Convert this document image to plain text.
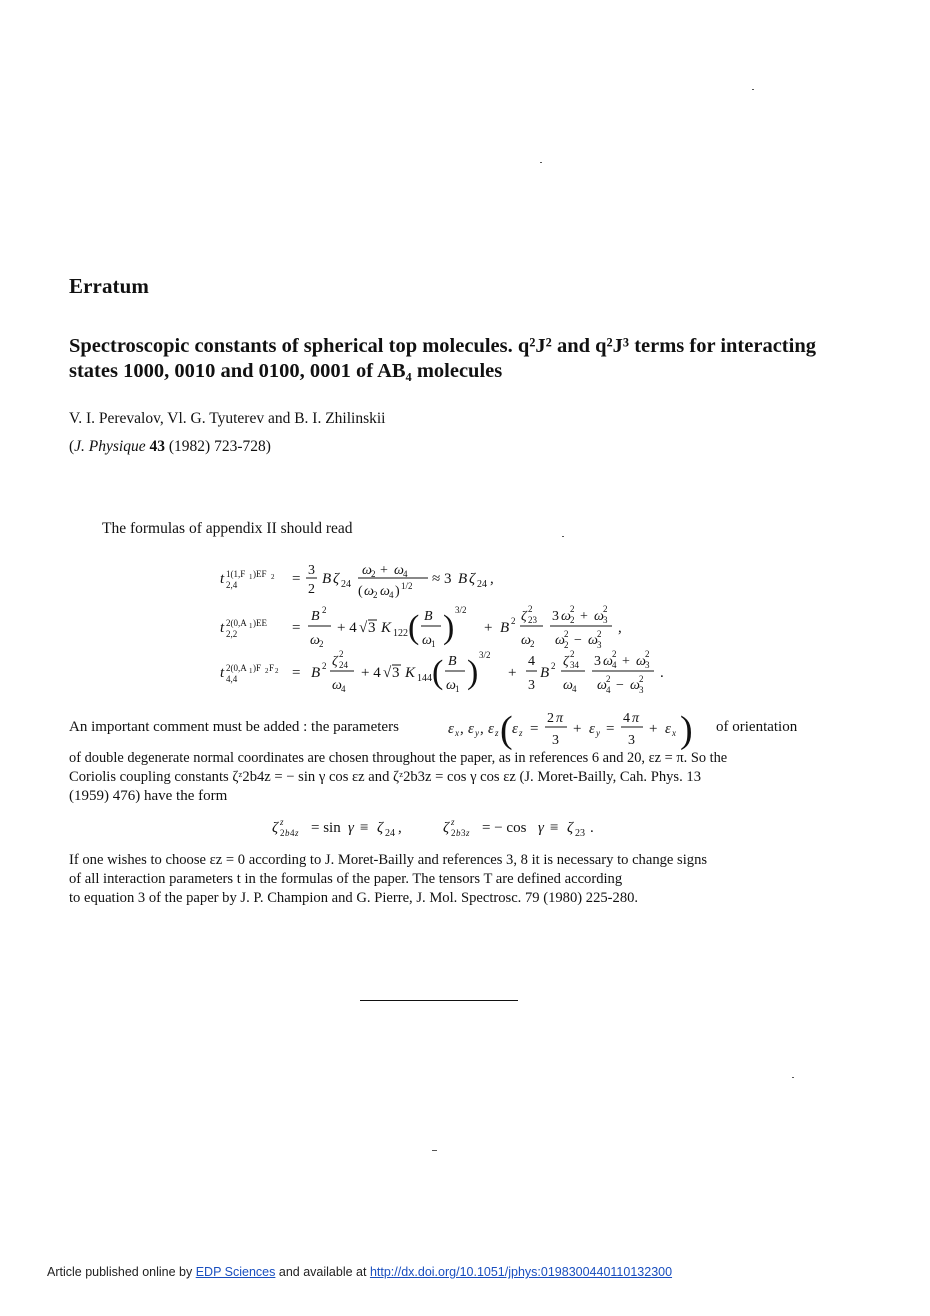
Erratum
Spectroscopic constants of spherical top molecules. q²J² and q²J³ terms for interacting states 1000, 0010 and 0100, 0001 of AB₄ molecules
V. I. Perevalov, Vl. G. Tyuterev and B. I. Zhilinskii
(J. Physique 43 (1982) 723-728)
The formulas of appendix II should read
t 1(1,F 1 )EF 2
2,4	=
3
2
B ζ 24
ω 2 + ω 4
( ω 2 ω 4 ) 1/2 ≈ 3 B ζ 24 ,
t 2(0,A 1 )EE
2,2	=
B 2
ω 2
+ 4 √ 3 K 122 ( B
ω 1 ) 3/2
+ B 2 ζ 2
23
ω 2
3 ω 2
2 + ω 2
3
ω 2
2 − ω 2
3
,
t 2(0,A 1 )F 2 F 2
4,4	= B 2 ζ 2
24
ω 4
+ 4 √ 3 K 144 ( B
ω 1 ) 3/2
+
4
3
B 2 ζ 2
34
ω 4
3 ω 2
4 + ω 2
3
ω 2
4 − ω 2
3
.
An important comment must be added : the parameters	ε x , ε y , ε z ( ε z =
2 π
3
+ ε y =
4 π
3
+ ε x ) of orientation
of double degenerate normal coordinates are chosen throughout the paper, as in references 6 and 20, εz = π. So the
Coriolis coupling constants ζᶻ2b4z = − sin γ cos εz and ζᶻ2b3z = cos γ cos εz (J. Moret-Bailly, Cah. Phys. 13
(1959) 476) have the form
ζ z
2 b 4 z = sin γ ≡ ζ 24 ,	ζ z
2 b 3 z = − cos γ ≡ ζ 23 .
If one wishes to choose εz = 0 according to J. Moret-Bailly and references 3, 8 it is necessary to change signs
of all interaction parameters t in the formulas of the paper. The tensors T are defined according
to equation 3 of the paper by J. P. Champion and G. Pierre, J. Mol. Spectrosc. 79 (1980) 225-280.
Article published online by EDP Sciences and available at http://dx.doi.org/10.1051/jphys:0198300440110132300
